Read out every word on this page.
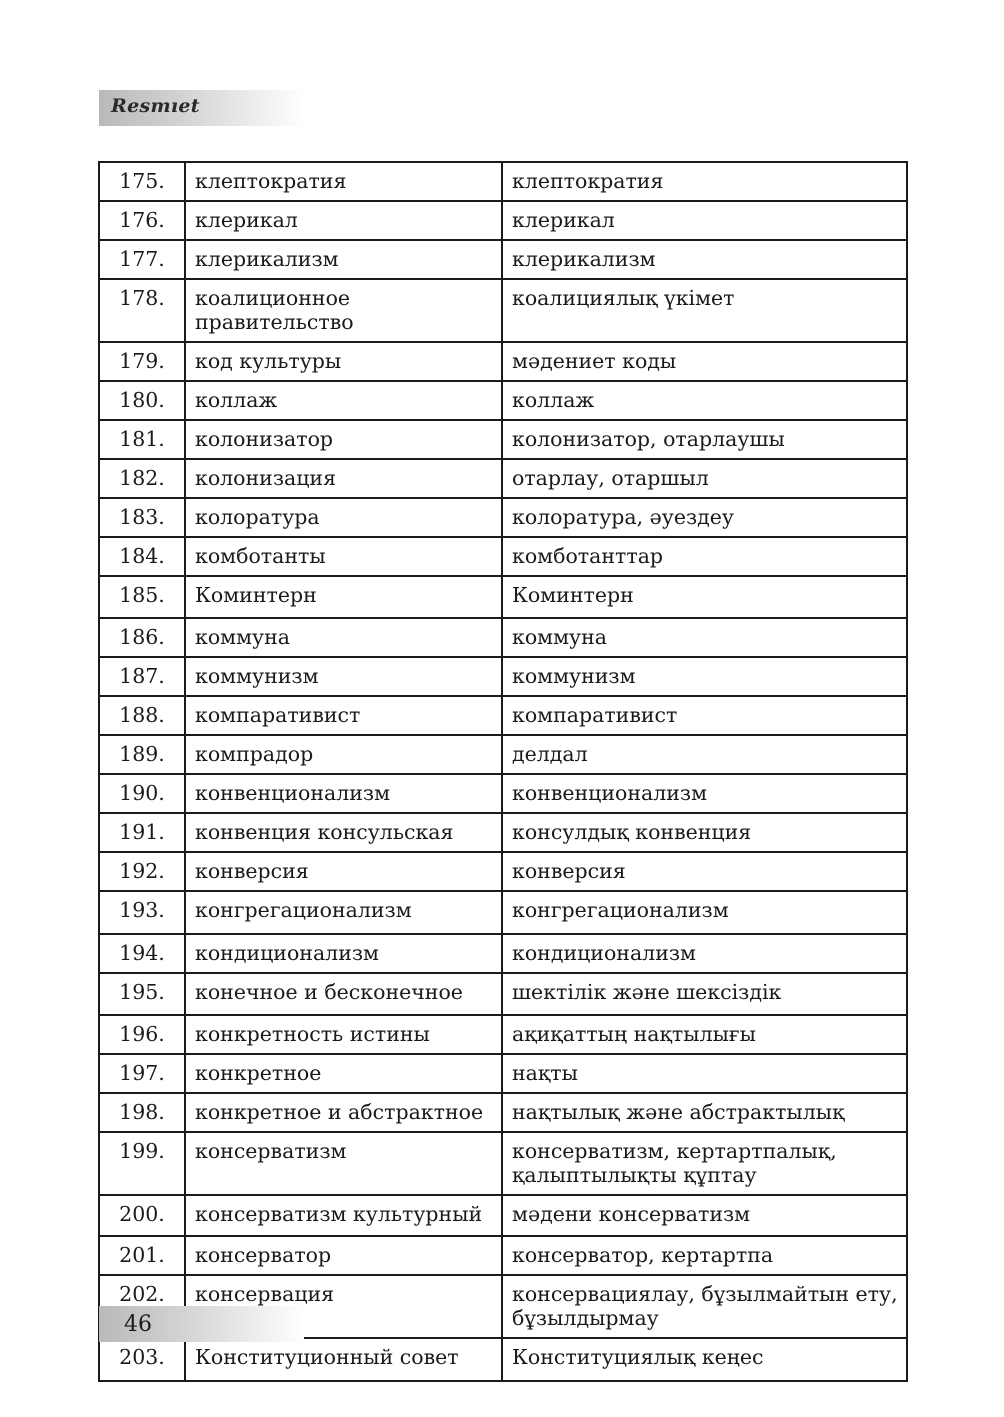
Resmıet
175.	клептократия	клептократия
176.	клерикал	клерикал
177.	клерикализм	клерикализм
178.	коалиционное правительство	коалициялық үкімет
179.	код культуры	мәдениет коды
180.	коллаж	коллаж
181.	колонизатор	колонизатор, отарлаушы
182.	колонизация	отарлау, отаршыл
183.	колоратура	колоратура, әуездеу
184.	комботанты	комботанттар
185.	Коминтерн	Коминтерн
186.	коммуна	коммуна
187.	коммунизм	коммунизм
188.	компаративист	компаративист
189.	компрадор	делдал
190.	конвенционализм	конвенционализм
191.	конвенция консульская	консулдық конвенция
192.	конверсия	конверсия
193.	конгрегационализм	конгрегационализм
194.	кондиционализм	кондиционализм
195.	конечное и бесконечное	шектілік және шексіздік
196.	конкретность истины	ақиқаттың нақтылығы
197.	конкретное	нақты
198.	конкретное и абстрактное	нақтылық және абстрактылық
199.	консерватизм	консерватизм, кертартпалық, қалыптылықты құптау
200.	консерватизм культурный	мәдени консерватизм
201.	консерватор	консерватор, кертартпа
202.	консервация	консервациялау, бұзылмайтын ету, бұзылдырмау
203.	Конституционный совет	Конституциялық кеңес
46
